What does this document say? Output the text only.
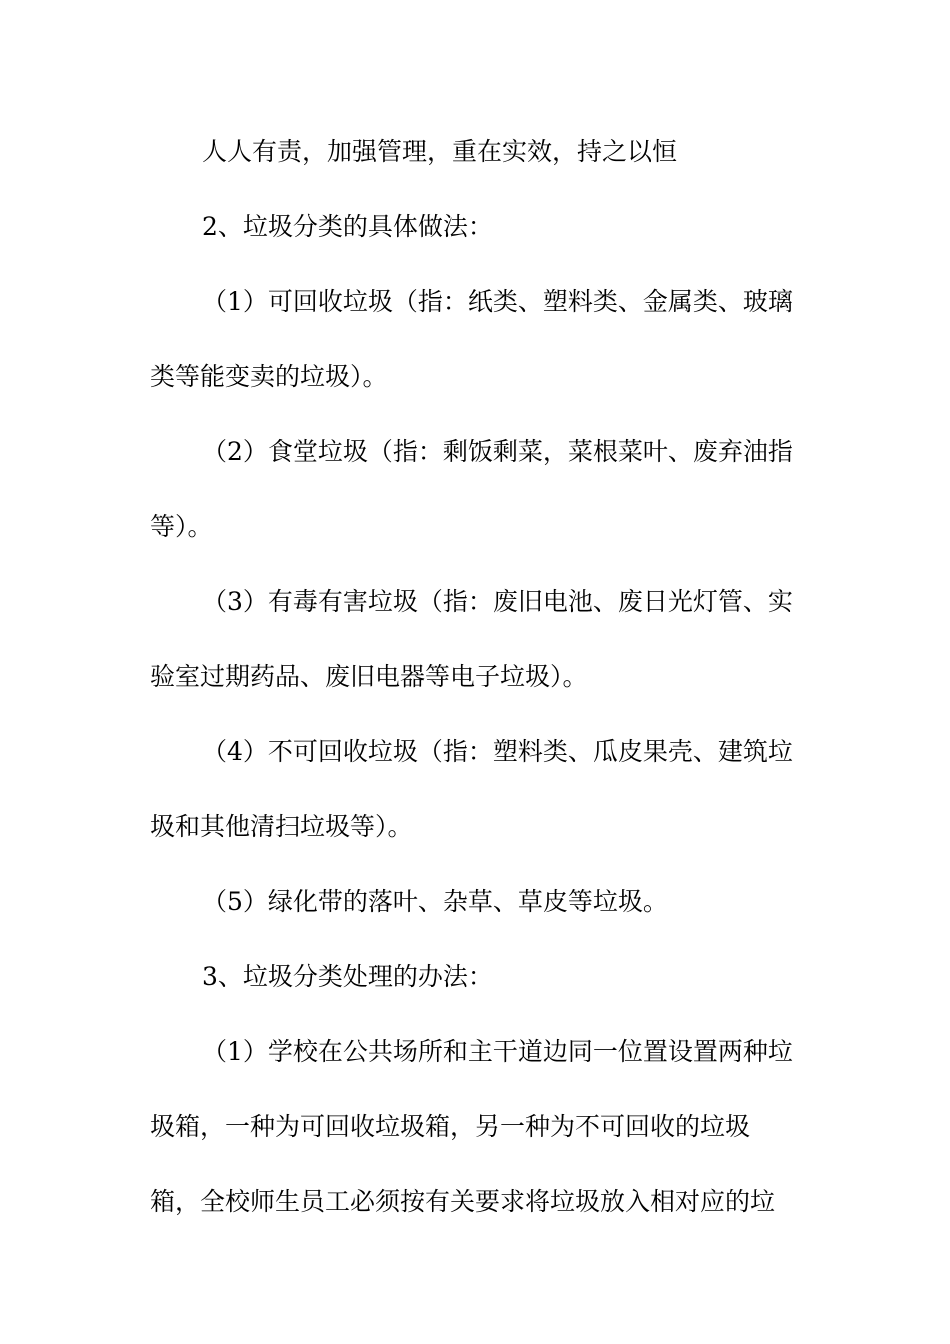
人人有责，加强管理，重在实效，持之以恒
2、垃圾分类的具体做法：
（1）可回收垃圾（指：纸类、塑料类、金属类、玻璃
类等能变卖的垃圾）。
（2）食堂垃圾（指：剩饭剩菜，菜根菜叶、废弃油指
等）。
（3）有毒有害垃圾（指：废旧电池、废日光灯管、实
验室过期药品、废旧电器等电子垃圾）。
（4）不可回收垃圾（指：塑料类、瓜皮果壳、建筑垃
圾和其他清扫垃圾等）。
（5）绿化带的落叶、杂草、草皮等垃圾。
3、垃圾分类处理的办法：
（1）学校在公共场所和主干道边同一位置设置两种垃
圾箱，一种为可回收垃圾箱，另一种为不可回收的垃圾
箱，全校师生员工必须按有关要求将垃圾放入相对应的垃
